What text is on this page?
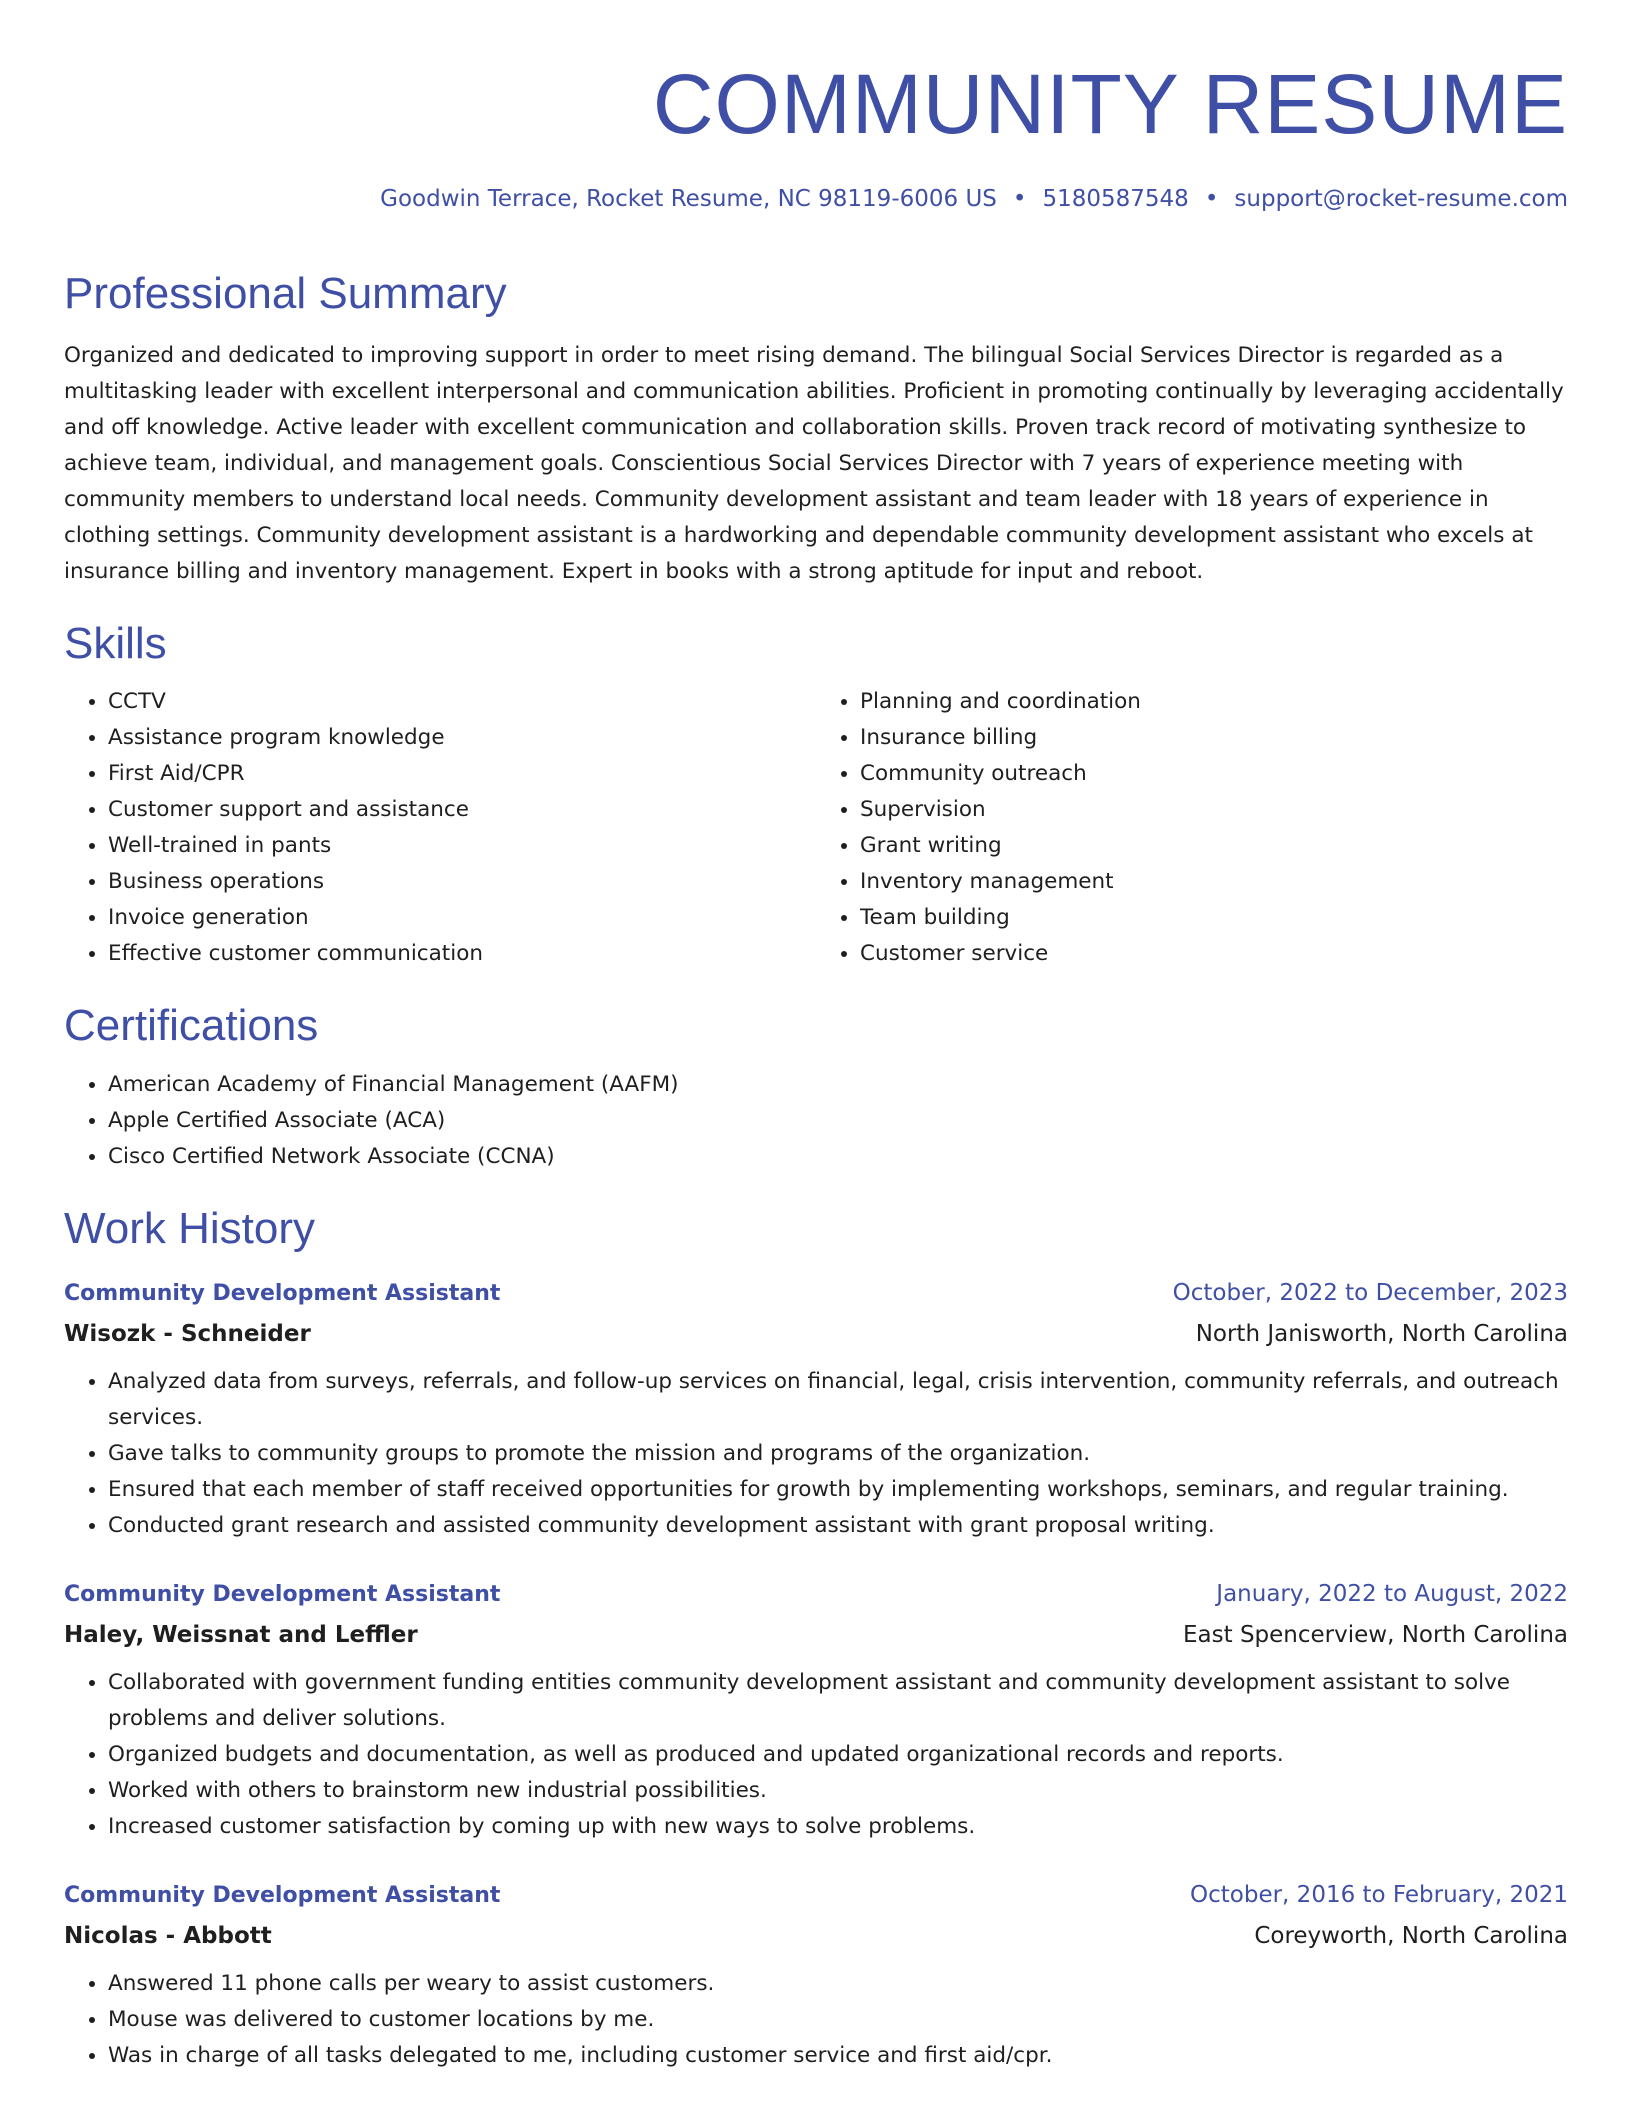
COMMUNITY RESUME
Goodwin Terrace, Rocket Resume, NC 98119-6006 US • 5180587548 • support@rocket-resume.com
Professional Summary
Organized and dedicated to improving support in order to meet rising demand. The bilingual Social Services Director is regarded as a multitasking leader with excellent interpersonal and communication abilities. Proficient in promoting continually by leveraging accidentally and off knowledge. Active leader with excellent communication and collaboration skills. Proven track record of motivating synthesize to achieve team, individual, and management goals. Conscientious Social Services Director with 7 years of experience meeting with community members to understand local needs. Community development assistant and team leader with 18 years of experience in clothing settings. Community development assistant is a hardworking and dependable community development assistant who excels at insurance billing and inventory management. Expert in books with a strong aptitude for input and reboot.
Skills
• CCTV
• Assistance program knowledge
• First Aid/CPR
• Customer support and assistance
• Well-trained in pants
• Business operations
• Invoice generation
• Effective customer communication
• Planning and coordination
• Insurance billing
• Community outreach
• Supervision
• Grant writing
• Inventory management
• Team building
• Customer service
Certifications
• American Academy of Financial Management (AAFM)
• Apple Certified Associate (ACA)
• Cisco Certified Network Associate (CCNA)
Work History
Community Development Assistant	October, 2022 to December, 2023
Wisozk - Schneider	North Janisworth, North Carolina
• Analyzed data from surveys, referrals, and follow-up services on financial, legal, crisis intervention, community referrals, and outreach services.
• Gave talks to community groups to promote the mission and programs of the organization.
• Ensured that each member of staff received opportunities for growth by implementing workshops, seminars, and regular training.
• Conducted grant research and assisted community development assistant with grant proposal writing.
Community Development Assistant	January, 2022 to August, 2022
Haley, Weissnat and Leffler	East Spencerview, North Carolina
• Collaborated with government funding entities community development assistant and community development assistant to solve problems and deliver solutions.
• Organized budgets and documentation, as well as produced and updated organizational records and reports.
• Worked with others to brainstorm new industrial possibilities.
• Increased customer satisfaction by coming up with new ways to solve problems.
Community Development Assistant	October, 2016 to February, 2021
Nicolas - Abbott	Coreyworth, North Carolina
• Answered 11 phone calls per weary to assist customers.
• Mouse was delivered to customer locations by me.
• Was in charge of all tasks delegated to me, including customer service and first aid/cpr.
